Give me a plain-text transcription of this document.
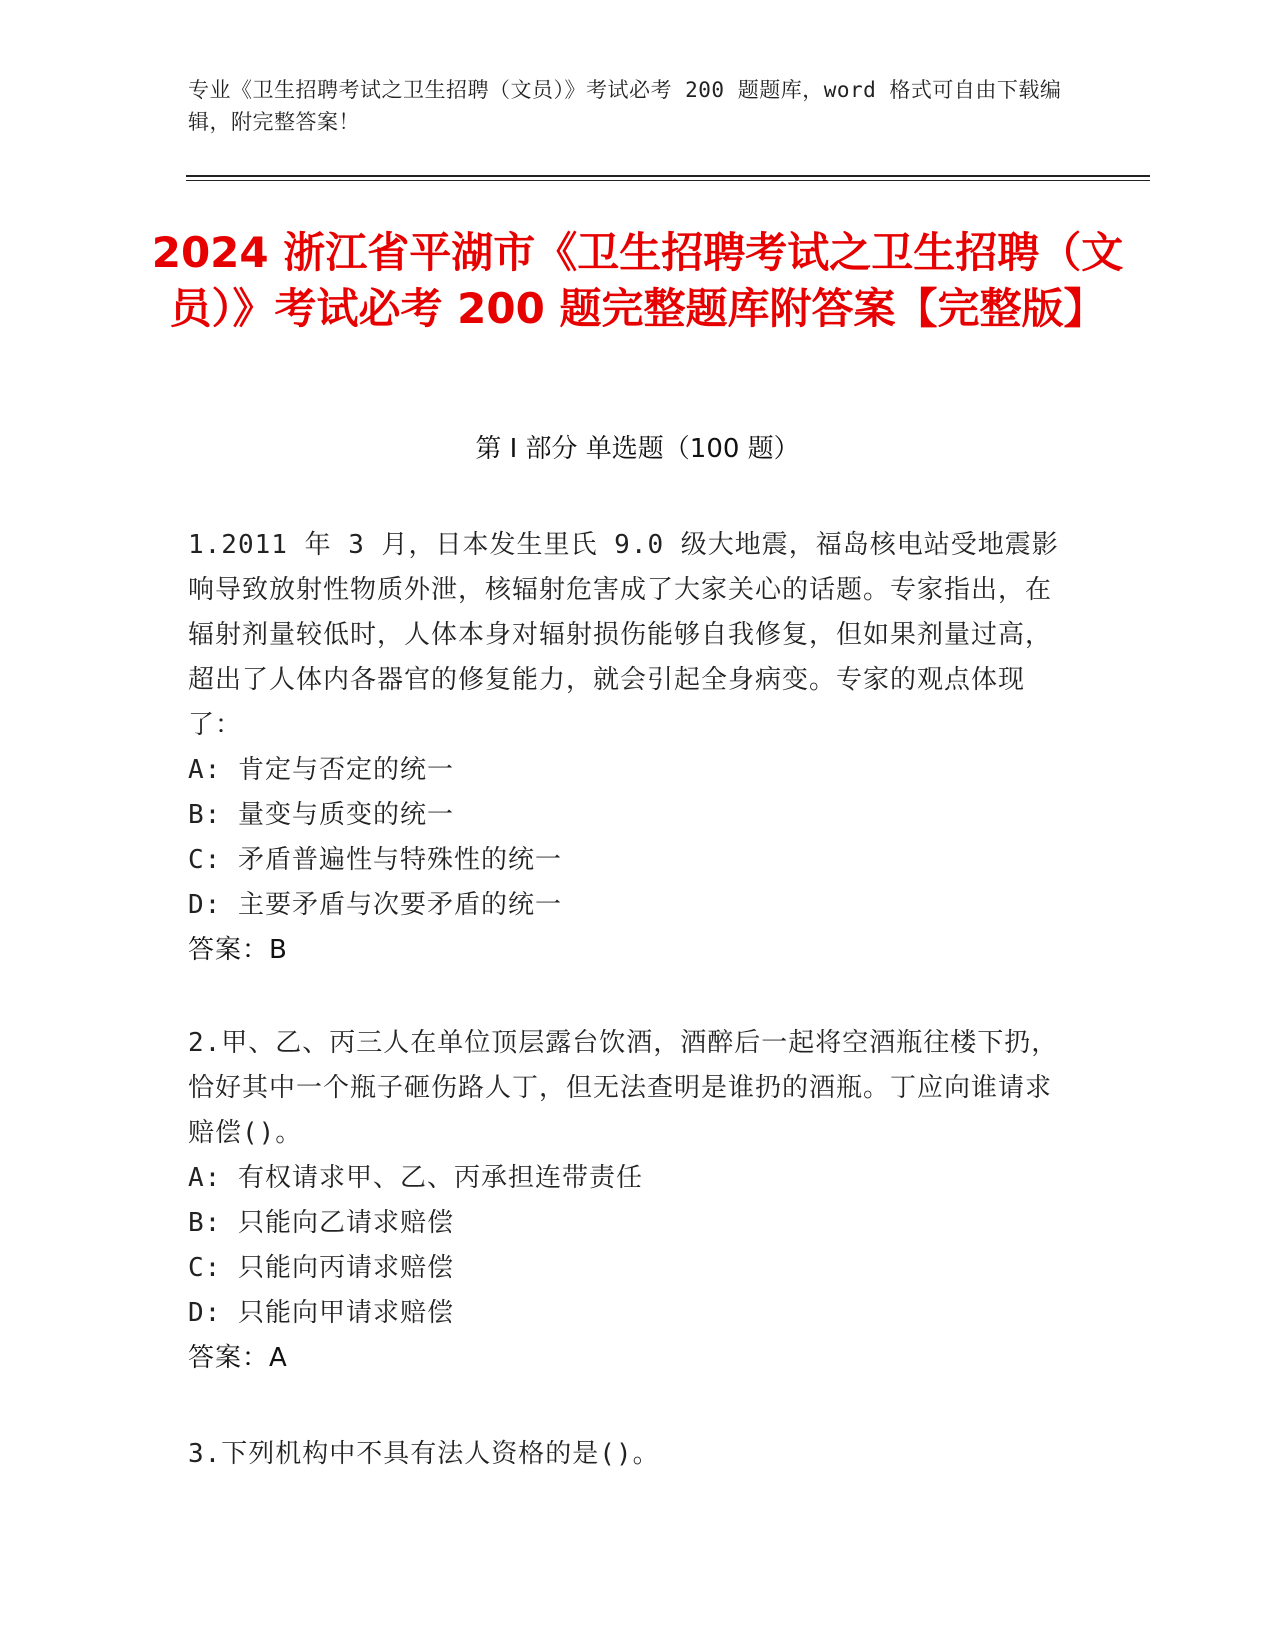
专业《卫生招聘考试之卫生招聘（文员）》考试必考 200 题题库，word 格式可自由下载编辑，附完整答案！
2024 浙江省平湖市《卫生招聘考试之卫生招聘（文员）》考试必考 200 题完整题库附答案【完整版】
第 I 部分 单选题（100 题）

1.2011 年 3 月，日本发生里氏 9.0 级大地震，福岛核电站受地震影响导致放射性物质外泄，核辐射危害成了大家关心的话题。专家指出，在辐射剂量较低时，人体本身对辐射损伤能够自我修复，但如果剂量过高，超出了人体内各器官的修复能力，就会引起全身病变。专家的观点体现了：

A: 肯定与否定的统一

B: 量变与质变的统一

C: 矛盾普遍性与特殊性的统一

D: 主要矛盾与次要矛盾的统一

答案：B

2.甲、乙、丙三人在单位顶层露台饮酒，酒醉后一起将空酒瓶往楼下扔，恰好其中一个瓶子砸伤路人丁，但无法查明是谁扔的酒瓶。丁应向谁请求赔偿()。

A: 有权请求甲、乙、丙承担连带责任

B: 只能向乙请求赔偿

C: 只能向丙请求赔偿

D: 只能向甲请求赔偿

答案：A

3.下列机构中不具有法人资格的是()。
